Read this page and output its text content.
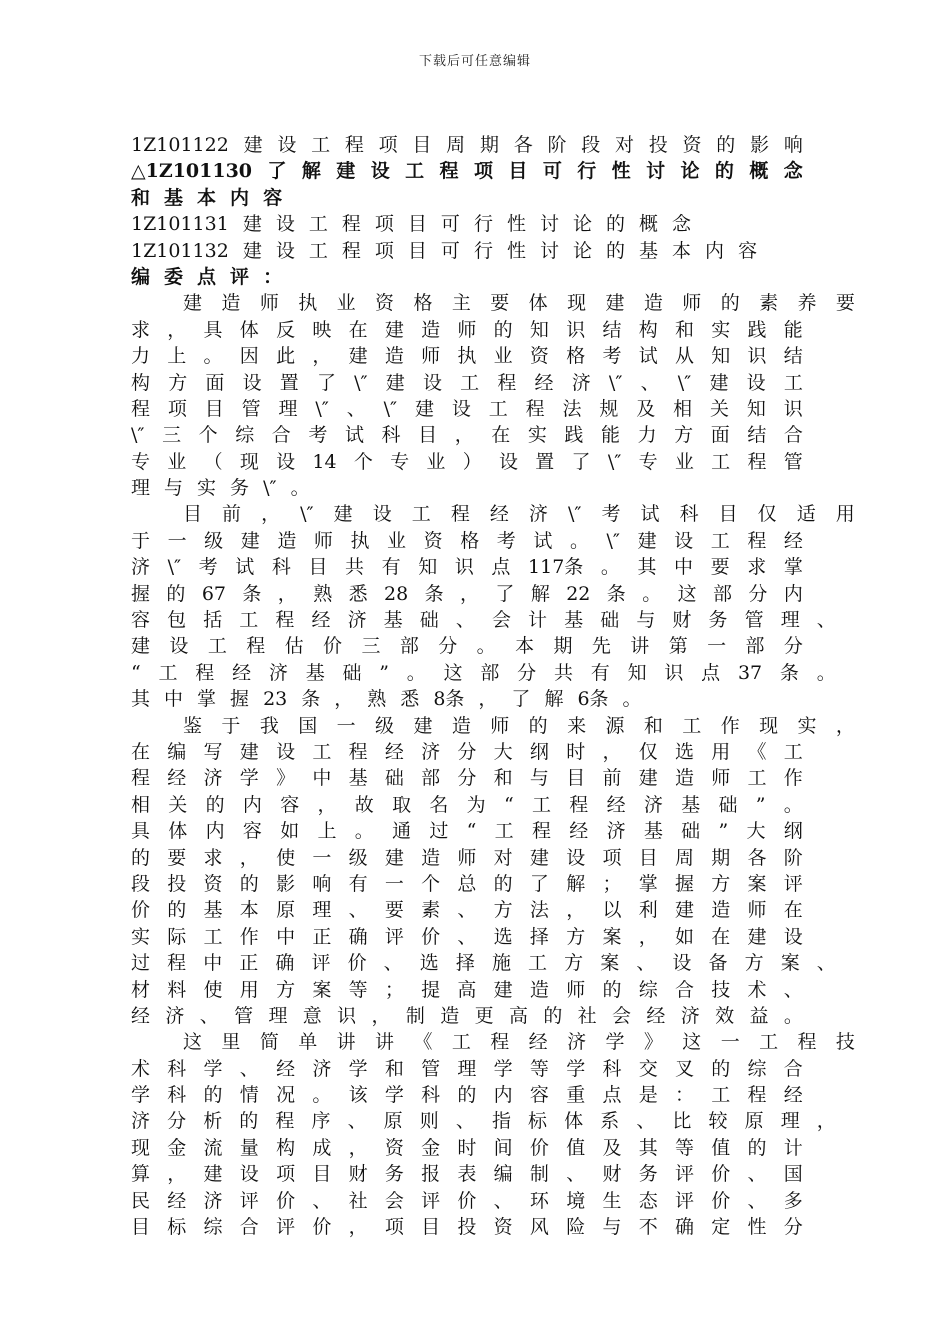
下载后可任意编辑
1Z101122 建 设 工 程 项 目 周 期 各 阶 段 对 投 资 的 影 响
△1Z101130 了 解 建 设 工 程 项 目 可 行 性 讨 论 的 概 念
和 基 本 内 容
1Z101131 建 设 工 程 项 目 可 行 性 讨 论 的 概 念
1Z101132 建 设 工 程 项 目 可 行 性 讨 论 的 基 本 内 容
编 委 点 评 ：
建 造 师 执 业 资 格 主 要 体 现 建 造 师 的 素 养 要
求 ， 具 体 反 映 在 建 造 师 的 知 识 结 构 和 实 践 能
力 上 。 因 此 ， 建 造 师 执 业 资 格 考 试 从 知 识 结
构 方 面 设 置 了 \″ 建 设 工 程 经 济 \″ 、 \″ 建 设 工
程 项 目 管 理 \″ 、 \″ 建 设 工 程 法 规 及 相 关 知 识
\″ 三 个 综 合 考 试 科 目 ， 在 实 践 能 力 方 面 结 合
专 业 （ 现 设 14 个 专 业 ） 设 置 了 \″ 专 业 工 程 管
理 与 实 务 \″ 。
目 前 ， \″ 建 设 工 程 经 济 \″ 考 试 科 目 仅 适 用
于 一 级 建 造 师 执 业 资 格 考 试 。 \″ 建 设 工 程 经
济 \″ 考 试 科 目 共 有 知 识 点 117条 。 其 中 要 求 掌
握 的 67 条 ， 熟 悉 28 条 ， 了 解 22 条 。 这 部 分 内
容 包 括 工 程 经 济 基 础 、 会 计 基 础 与 财 务 管 理 、
建 设 工 程 估 价 三 部 分 。 本 期 先 讲 第 一 部 分
“ 工 程 经 济 基 础 ” 。 这 部 分 共 有 知 识 点 37 条 。
其 中 掌 握 23 条 ， 熟 悉 8条 ， 了 解 6条 。
鉴 于 我 国 一 级 建 造 师 的 来 源 和 工 作 现 实 ，
在 编 写 建 设 工 程 经 济 分 大 纲 时 ， 仅 选 用 《 工
程 经 济 学 》 中 基 础 部 分 和 与 目 前 建 造 师 工 作
相 关 的 内 容 ， 故 取 名 为 “ 工 程 经 济 基 础 ” 。
具 体 内 容 如 上 。 通 过 “ 工 程 经 济 基 础 ” 大 纲
的 要 求 ， 使 一 级 建 造 师 对 建 设 项 目 周 期 各 阶
段 投 资 的 影 响 有 一 个 总 的 了 解 ； 掌 握 方 案 评
价 的 基 本 原 理 、 要 素 、 方 法 ， 以 利 建 造 师 在
实 际 工 作 中 正 确 评 价 、 选 择 方 案 ， 如 在 建 设
过 程 中 正 确 评 价 、 选 择 施 工 方 案 、 设 备 方 案 、
材 料 使 用 方 案 等 ； 提 高 建 造 师 的 综 合 技 术 、
经 济 、 管 理 意 识 ， 制 造 更 高 的 社 会 经 济 效 益 。
这 里 简 单 讲 讲 《 工 程 经 济 学 》 这 一 工 程 技
术 科 学 、 经 济 学 和 管 理 学 等 学 科 交 叉 的 综 合
学 科 的 情 况 。 该 学 科 的 内 容 重 点 是 ： 工 程 经
济 分 析 的 程 序 、 原 则 、 指 标 体 系 、 比 较 原 理 ，
现 金 流 量 构 成 ， 资 金 时 间 价 值 及 其 等 值 的 计
算 ， 建 设 项 目 财 务 报 表 编 制 、 财 务 评 价 、 国
民 经 济 评 价 、 社 会 评 价 、 环 境 生 态 评 价 、 多
目 标 综 合 评 价 ， 项 目 投 资 风 险 与 不 确 定 性 分
